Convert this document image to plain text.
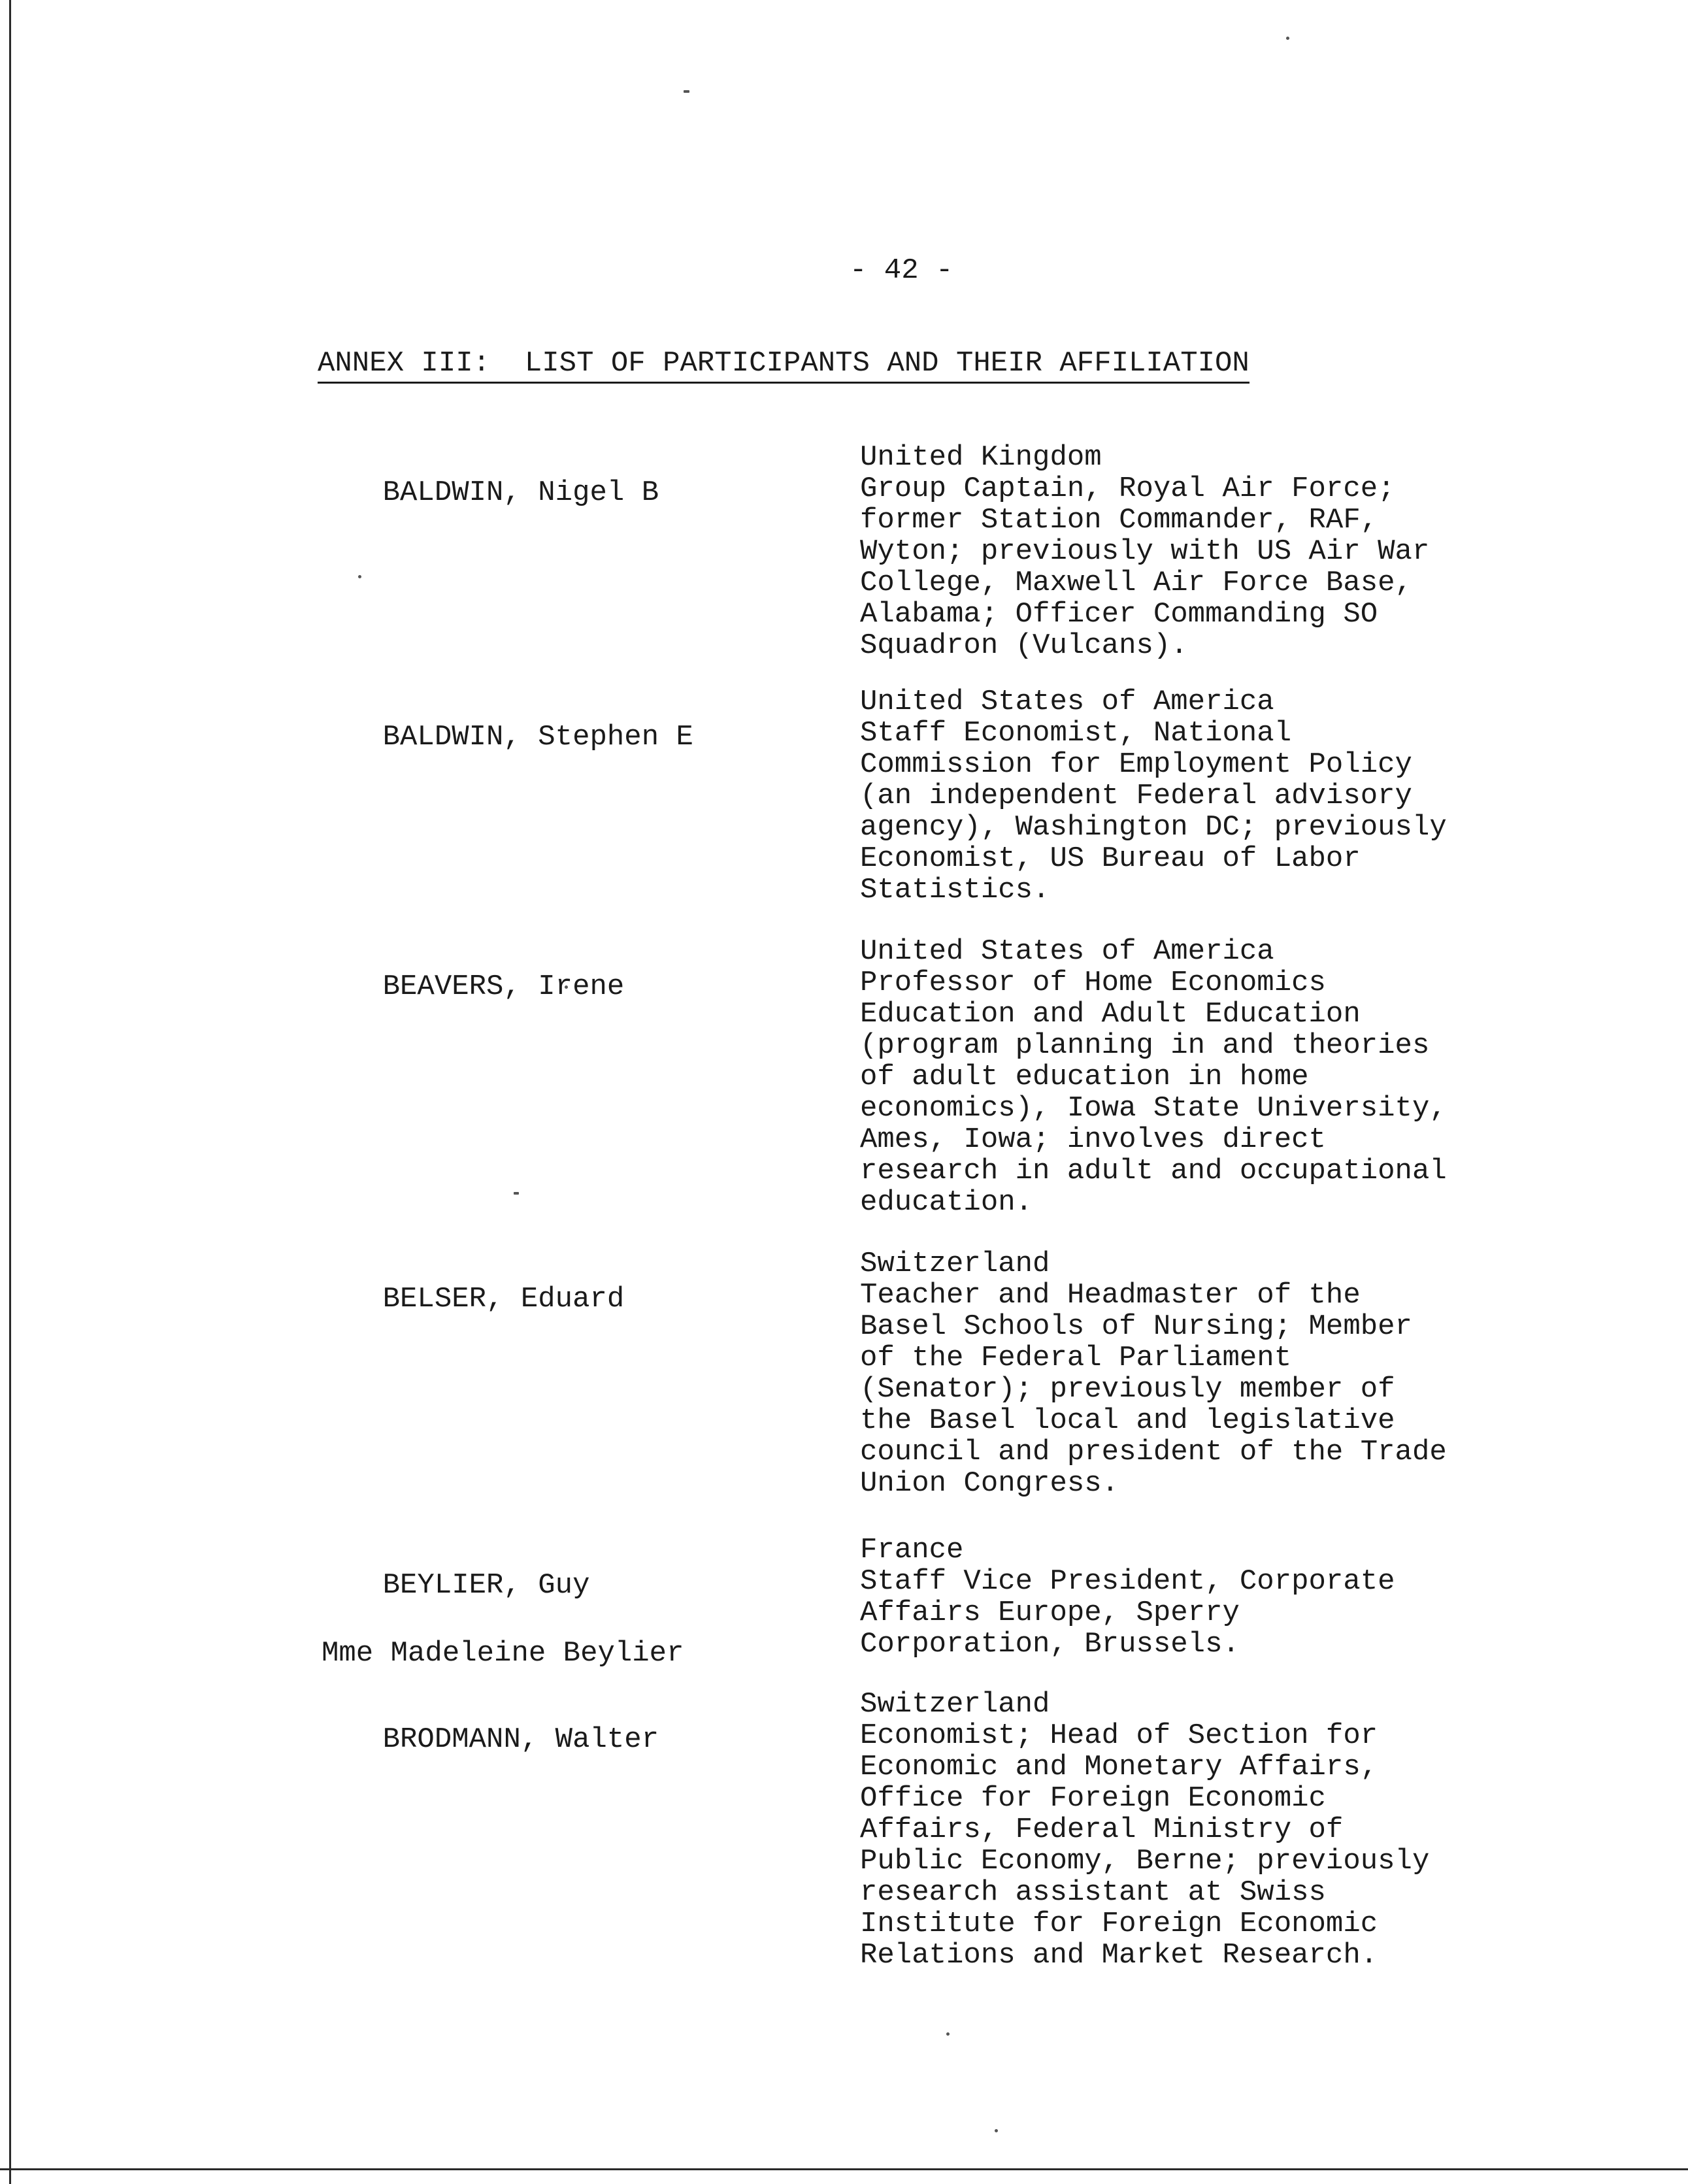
- 42 -
ANNEX III:  LIST OF PARTICIPANTS AND THEIR AFFILIATION

BALDWIN, Nigel B

United Kingdom
Group Captain, Royal Air Force;
former Station Commander, RAF,
Wyton; previously with US Air War
College, Maxwell Air Force Base,
Alabama; Officer Commanding SO
Squadron (Vulcans).

BALDWIN, Stephen E

United States of America
Staff Economist, National
Commission for Employment Policy
(an independent Federal advisory
agency), Washington DC; previously
Economist, US Bureau of Labor
Statistics.

BEAVERS, Irene

United States of America
Professor of Home Economics
Education and Adult Education
(program planning in and theories
of adult education in home
economics), Iowa State University,
Ames, Iowa; involves direct
research in adult and occupational
education.

BELSER, Eduard

Switzerland
Teacher and Headmaster of the
Basel Schools of Nursing; Member
of the Federal Parliament
(Senator); previously member of
the Basel local and legislative
council and president of the Trade
Union Congress.

BEYLIER, Guy

Mme Madeleine Beylier

France
Staff Vice President, Corporate
Affairs Europe, Sperry
Corporation, Brussels.

BRODMANN, Walter

Switzerland
Economist; Head of Section for
Economic and Monetary Affairs,
Office for Foreign Economic
Affairs, Federal Ministry of
Public Economy, Berne; previously
research assistant at Swiss
Institute for Foreign Economic
Relations and Market Research.
